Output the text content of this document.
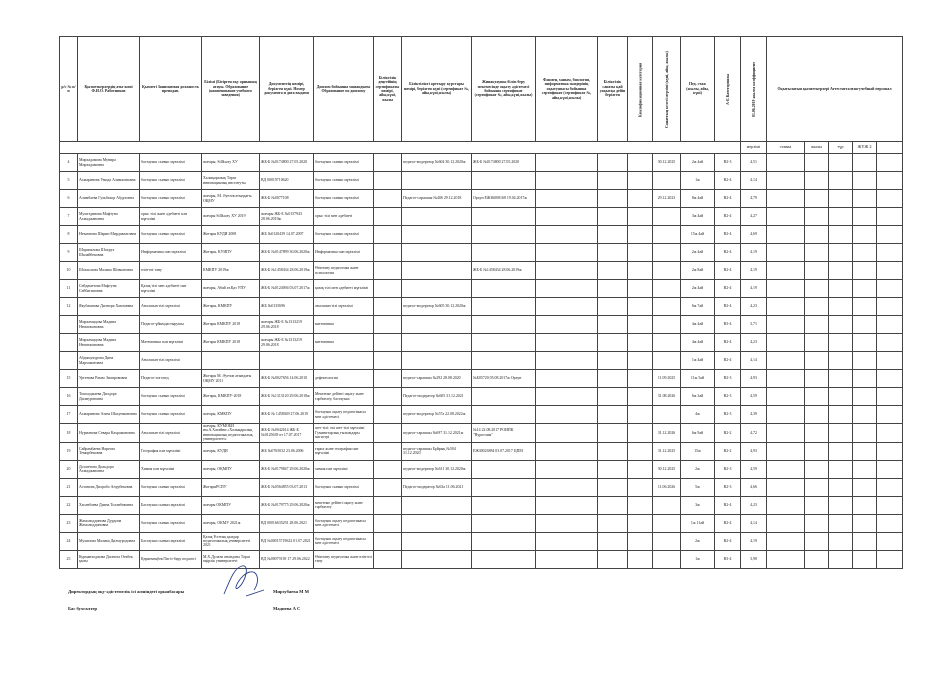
р/с № п/п	Қызметкерлердің аты-жөні Ф.И.О. Работников	Қызметі Занимаемая должность преподав.	Білімі (Бітірген оқу орнының атауы. Образование (наименование учебного заведения)	Документтің нөмірі, берілген күні. Номер документа и дата выдачи	Диплом бойынша мамандығы Образование по диплому	Біліктілік деңгейінің сертификаты нөмірі, айы,күні, жылы	Біліктілікті арттыру курстары нөмірі, берілген күні (сертификат №, айы,күні,жылы)	Жинақтаушы білім беру мекемесінде оқыту әдістемесі бойынша сертификат (сертификат №, айы,күні,жылы)	Фәнмен, ханым, биология, информатика пәндерінің оқытушысы бойынша сертификат (сертификат №, айы,күні,жылы)	Біліктілік санаты қай уақытқа дейін берілген	Квалификационная категория	Санаттың келесі мерзімі (күні, айы, жылы)	Пед. стаж (жылы, айы, күні)	А-Б Категориялы	01.06.2019 жылға коэффициент	Оқытылатын қызметкерлері Аттестатталған-учебный персонал				
															мерзімі	ставка	жылы	түр	ЖҮЖ 2	
4	Мирхадамова Мунира Мирхадамовна	бастауыш сынып мұғалімі	жоғары, Sillkway ХУ	ЖБ-Б №0174800 27.05.2020	бастауыш сынып мұғалімі		педагог-модератор №604 30.12.2020ж	ЖБ-Б №0174800 27.05.2020				30.12.2025	2ж 4ай	В2-3	4,51					
5	Ахмаринова Умида Алимжановна	бастауыш сынып мұғалімі	Халықаралық Тараз инновациялық институты	ВД 00019710620	бастауыш сынып мұғалімі								1ж	В2-4	4,14					
6	Алимбаева Гульбахор Абдуловна	бастауыш сынып мұғалімі	жоғары, М. Әуезов атындағы ОҚМУ	ЖБ-Б №0077108	бастауыш сынып мұғалімі		Педагог-сарапшы №406 29.12.2018	Орхун ЕЖЗ6008168 19.04.2017ж				29.12.2023	8ж 4ай	В2-4	4,79					
7	Мухитдинова Мафтуна Ахмаджановна	орыс тілі және әдебиеті пән мұғалімі	жоғары Sillkway ХУ 2019	жоғары ЖБ-Б №0157943 28.06.2019ж	орыс тілі мен әдебиеті								3ж 4ай	В2-4	4,27					
8	Неъматова Шарин Мирдавлатовна	бастауыш сынып мұғалімі	Жоғары КУДИ 2008	ЖБ №0120439 14.07.2007	бастауыш сынып мұғалімі								15ж 4ай	В2-4	4,69					
9	Шарипалова Шохрух Шалайбековна	Информатика пән мұғалімі	Жоғары, КУИПУ	ЖБ-Б №0147899 30.06.2020ж	Информатика пән мұғалімі								2ж 4ай	В2-4	4,19					
10	Шокхолова Малика Шовкатовна	өзін-өзі тану	КМКПУ 2019ж	ЖБ-Б №1458434 28.06.2019ж	Өзінтану педагогика және психология			ЖБ-Б №1458434 28.06.2019ж					2ж 8ай	В2-4	4,19					
11	Сейдаметова Мафтуна Сейбагамовна	Қазақ тілі мен әдебиеті пән мұғалімі	жоғары, Абай ат.Қаз УПУ	ЖБ-Б №0124094 03.07.2017ж	қазақ тілі мен әдебиеті мұғалімі								2ж 4ай	В2-4	4,19					
12	Якубжанова Дилнора Хамзаевна	Ағылшын тілі мұғалімі	Жоғары, КМКПУ	ЖБ №0135696	ағылшын тілі мұғалімі		педагог-модератор №605 30.12.2020ж						6ж 7ай	В2-4	4,23					
	Мирхамидова Мадина Нематжановна	Педагог-ұйымдастырушы	Жоғары КМКПУ 2018	жоғары ЖБ-Б №1313219 29.06.2018	математика								4ж 4ай	В3-4	3,71					
	Мирхамидова Мадина Нематжановна	Математика пән мұғалімі	Жоғары КМКПУ 2018	жоғары ЖБ-Б №1313219 29.06.2018	математика								4ж 4ай	В2-4	4,23					
	Абдишукурова Дина Мархаматовна	Ағылшын тілі мұғалімі											1ж 4ай	В2-4	4,14					
15	Ургенова Раъно Зиапрововна	Педагог-логопед	Жоғары М. Әуезов атындағы ОҚМУ 2011	ЖБ-Б №0027656 14.06.2010	дефектология		педагог-сарапшы №292 28.08.2020	№Б05720 05.08.2017ж Орхун				11.09.2025	11ж 5ай	В2-3	4,93					
16	Тошходжаева Дилдора Дилмуратовна	бастауыш сынып мұғалімі	Жоғары, КМКПУ-2018	ЖБ-Б №1313120 29.06.2018ж	Мектепке дейінгі оқыту және тәрбиелеу, бастауыш		Педагог-модератор №605 31.12.2021					31.08.2026	6ж 3ай	В2-3	4,59					
17	Ахмаринова Азиза Шахунжановна	бастауыш сынып мұғалімі	жоғары, КМКПУ	ЖБ-Б № 1458049 27.06.2019	бастауыш оқыту педагогикасы мен әдістемесі		педагог-модератор №57а 22.08.2022ж						4ж	В2-3	4,39					
18	Нурманова Севара Кахрамановна	Ағылшын тілі мұғалімі	жоғары, КУМОБИ им.А.Хатайни «Халықаралық инновациялық педагогикалық университеті»	ЖБ-Б №0042614 ЖБ-Б №0125639 от 17.07.2017	шет тілі: екі шет тілі мұғалімі Гуманитарлық ғылымдары магистрі		педагог-сарапшы №697 31.12.2021ж	№14 22.08.2017 РОИПК "Нуротлим"				31.12.2026	6ж 9ай	В2-2	4,72					
19	Сайрамбаева Наргиза Темирбековна	География пән мұғалімі	жоғары, КУДИ	ЖБ №0765032 23.06.2006	тарих және география пән мұғалімі		педагог-сарапшы Бұйрық №504 31.12.2020	ЕЖЗ0023884 03.07.2017 ЦПМ				31.12.2025	15ж	В2-2	4,93					
20	Досметова Дильдора Ахмаджановна	Химия пән мұғалімі	жоғары, ОҚМПУ	ЖБ-Б №0179847 29.06.2020ж	химия пән мұғалімі		педагог-модератор №611 30.12.2020ж					30.12.2025	2ж	В2-3	4,59					
21	Астанова Дилрабо Анурбековна	бастауыш сынып мұғалімі	ЖоғарыРСПУ	ЖБ-Б №0564855 03.07.2013	бастауыш сынып мұғалімі		Педагог-модератор №63а 11.06.2021					11.06.2026	5ж	В2-3	4,66					
22	Хасанбаева Диана Толанбековна	Бастауыш сынып мұғалімі	жоғары ОКМПУ	ЖБ-Б №0179775 29.06.2020ж	мектепке дейінгі оқыту және тәрбиелеу								3ж	В2-4	4,23					
23	Жамолиддинова Дурдона Жамолиддиновна	бастауыш сынып мұғалімі	жоғары, ОКМУ 2021ж	ВД 00016635291 28.06.2021	бастауыш оқыту педагогикасы мен әдістемесі								1ж 11ай	В2-4	4,14					
24	Мухипова Малика Дилмуродовна	Бастауыш сынып мұғалімі	Қазақ Ұлттық қыздар педагогикалық университеті 2021	ВД №00015719622 01.07.2021	бастауыш оқыту педагогикасы мен әдістемесі								2ж	В2-4	4,19					
25	Курманходжова Дилноза Откбек қызы	Қөркемеңбек/Тигіз-бару педагогі	М.Х.Дулати атындағы Тараз өңірлік университеті	ВД №00079139 17 29.06.2022	Өзінтану педагогика және өзін-өзі тану								1ж	В3-4	3,98					
Директордың оқу-әдістемелік ісі жөніндегі орынбасары	Мирзубаева М М
Бас бухгалтер	Мадиева А С
